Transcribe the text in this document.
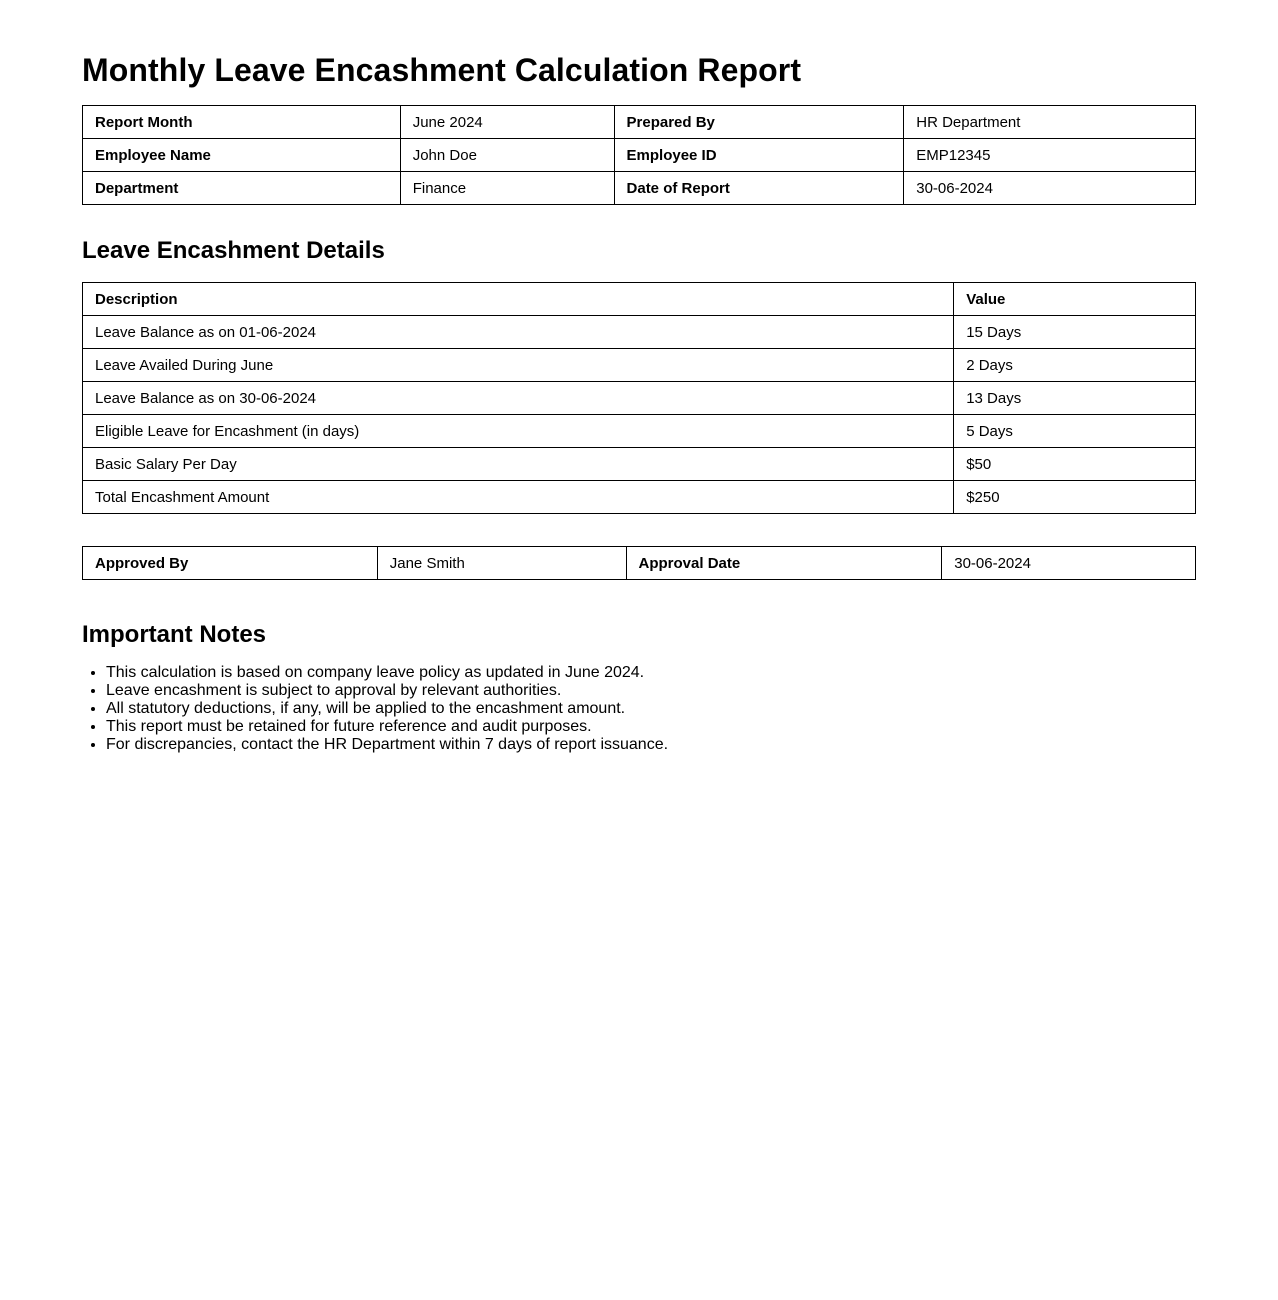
Monthly Leave Encashment Calculation Report
Report Month	June 2024	Prepared By	HR Department
Employee Name	John Doe	Employee ID	EMP12345
Department	Finance	Date of Report	30-06-2024
Leave Encashment Details
Description	Value
Leave Balance as on 01-06-2024	15 Days
Leave Availed During June	2 Days
Leave Balance as on 30-06-2024	13 Days
Eligible Leave for Encashment (in days)	5 Days
Basic Salary Per Day	$50
Total Encashment Amount	$250
Approved By	Jane Smith	Approval Date	30-06-2024
Important Notes
• This calculation is based on company leave policy as updated in June 2024.
• Leave encashment is subject to approval by relevant authorities.
• All statutory deductions, if any, will be applied to the encashment amount.
• This report must be retained for future reference and audit purposes.
• For discrepancies, contact the HR Department within 7 days of report issuance.
